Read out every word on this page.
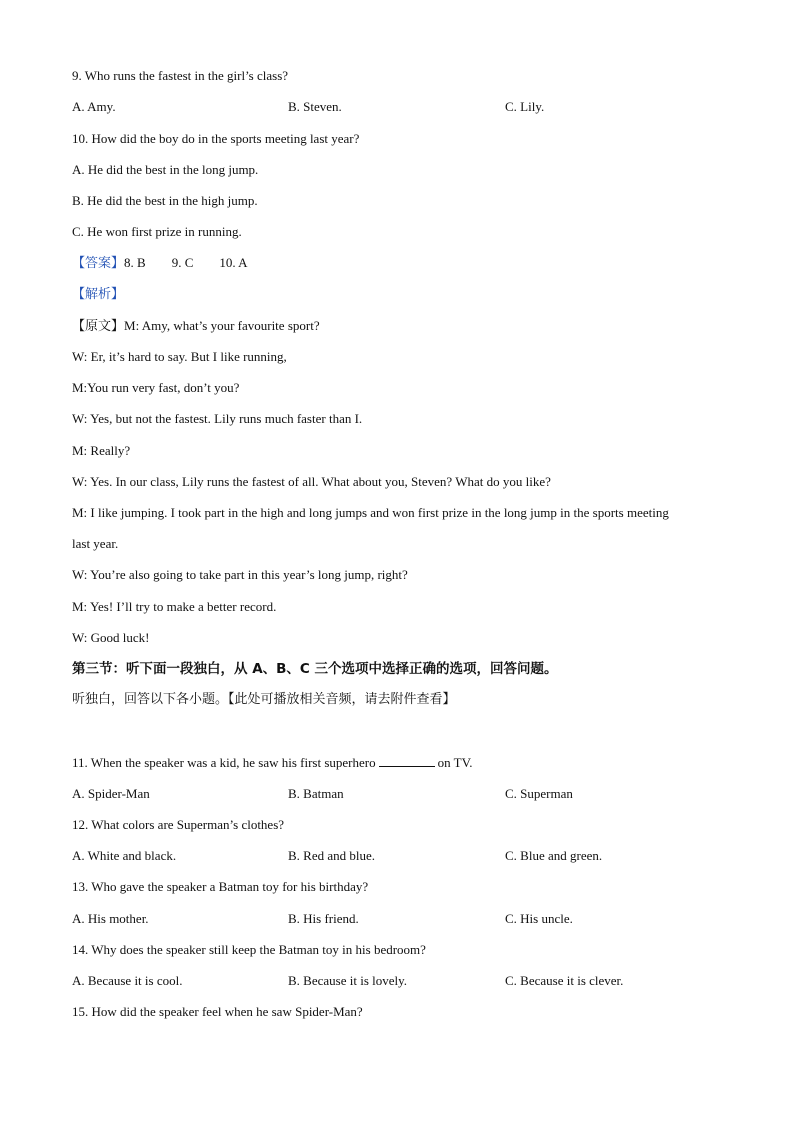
9. Who runs the fastest in the girl’s class?
A. Amy.	B. Steven.	C. Lily.
10. How did the boy do in the sports meeting last year?
A. He did the best in the long jump.
B. He did the best in the high jump.
C. He won first prize in running.
【答案】8. B 9. C 10. A
【解析】
【原文】M: Amy, what’s your favourite sport?
W: Er, it’s hard to say. But I like running,
M:You run very fast, don’t you?
W: Yes, but not the fastest. Lily runs much faster than I.
M: Really?
W: Yes. In our class, Lily runs the fastest of all. What about you, Steven? What do you like?
M: I like jumping. I took part in the high and long jumps and won first prize in the long jump in the sports meeting
last year.
W: You’re also going to take part in this year’s long jump, right?
M: Yes! I’ll try to make a better record.
W: Good luck!
第三节：听下面一段独白，从 A、B、C 三个选项中选择正确的选项，回答问题。
听独白，回答以下各小题。【此处可播放相关音频，请去附件查看】
11. When the speaker was a kid, he saw his first superhero	on TV.
A. Spider-Man	B. Batman	C. Superman
12. What colors are Superman’s clothes?
A. White and black.	B. Red and blue.	C. Blue and green.
13. Who gave the speaker a Batman toy for his birthday?
A. His mother.	B. His friend.	C. His uncle.
14. Why does the speaker still keep the Batman toy in his bedroom?
A. Because it is cool.	B. Because it is lovely.	C. Because it is clever.
15. How did the speaker feel when he saw Spider-Man?
